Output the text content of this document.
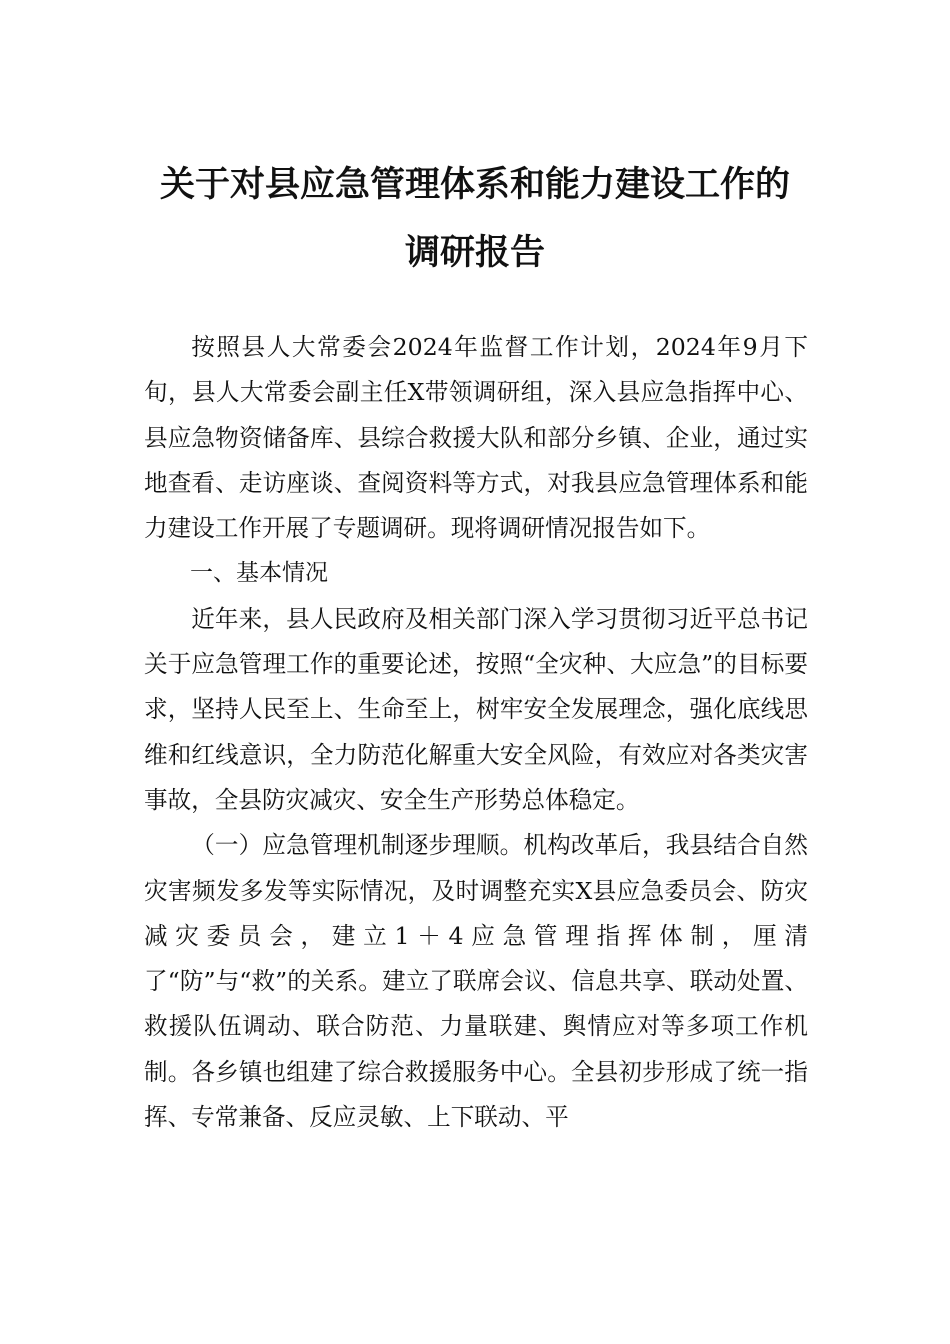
关于对县应急管理体系和能力建设工作的
调研报告

按照县人大常委会2024年监督工作计划，2024年9月下旬，县人大常委会副主任X带领调研组，深入县应急指挥中心、县应急物资储备库、县综合救援大队和部分乡镇、企业，通过实地查看、走访座谈、查阅资料等方式，对我县应急管理体系和能力建设工作开展了专题调研。现将调研情况报告如下。

一、基本情况

近年来，县人民政府及相关部门深入学习贯彻习近平总书记关于应急管理工作的重要论述，按照“全灾种、大应急”的目标要求，坚持人民至上、生命至上，树牢安全发展理念，强化底线思维和红线意识，全力防范化解重大安全风险，有效应对各类灾害事故，全县防灾减灾、安全生产形势总体稳定。

（一）应急管理机制逐步理顺。机构改革后，我县结合自然灾害频发多发等实际情况，及时调整充实X县应急委员会、防灾减灾委员会，建立1＋4应急管理指挥体制，厘清了“防”与“救”的关系。建立了联席会议、信息共享、联动处置、救援队伍调动、联合防范、力量联建、舆情应对等多项工作机制。各乡镇也组建了综合救援服务中心。全县初步形成了统一指挥、专常兼备、反应灵敏、上下联动、平
